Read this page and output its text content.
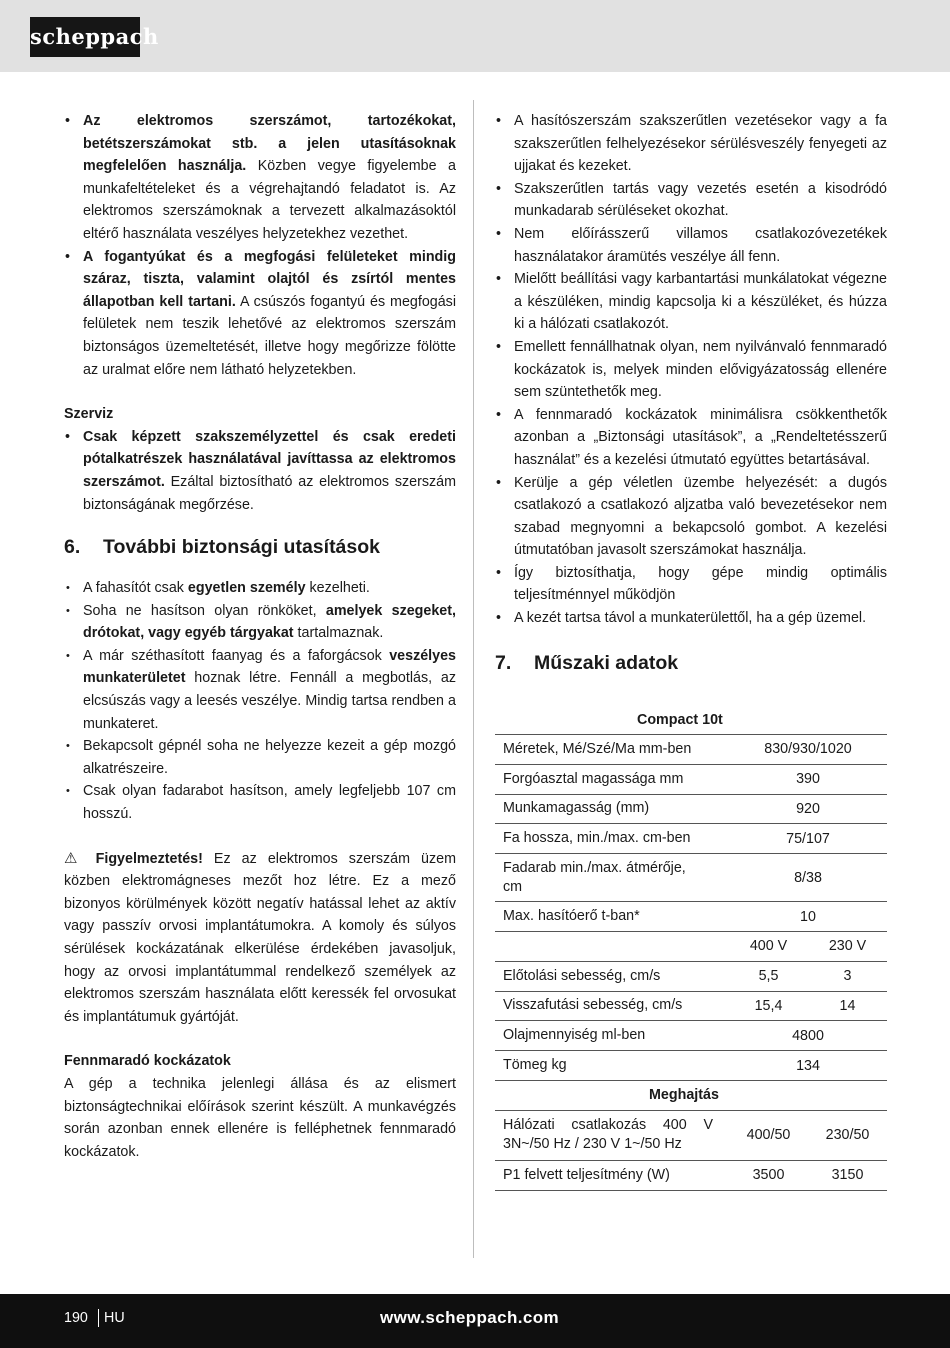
scheppach
• Az elektromos szerszámot, tartozékokat, betétszerszámokat stb. a jelen utasításoknak megfelelően használja. Közben vegye figyelembe a munkafeltételeket és a végrehajtandó feladatot is. Az elektromos szerszámoknak a tervezett alkalmazásoktól eltérő használata veszélyes helyzetekhez vezethet.
• A fogantyúkat és a megfogási felületeket mindig száraz, tiszta, valamint olajtól és zsírtól mentes állapotban kell tartani. A csúszós fogantyú és megfogási felületek nem teszik lehetővé az elektromos szerszám biztonságos üzemeltetését, illetve hogy megőrizze fölötte az uralmat előre nem látható helyzetekben.
Szerviz
• Csak képzett szakszemélyzettel és csak eredeti pótalkatrészek használatával javíttassa az elektromos szerszámot. Ezáltal biztosítható az elektromos szerszám biztonságának megőrzése.
6.	További biztonsági utasítások
• A fahasítót csak egyetlen személy kezelheti.
• Soha ne hasítson olyan rönköket, amelyek szegeket, drótokat, vagy egyéb tárgyakat tartalmaznak.
• A már széthasított faanyag és a faforgácsok veszélyes munkaterületet hoznak létre. Fennáll a megbotlás, az elcsúszás vagy a leesés veszélye. Mindig tartsa rendben a munkateret.
• Bekapcsolt gépnél soha ne helyezze kezeit a gép mozgó alkatrészeire.
• Csak olyan fadarabot hasítson, amely legfeljebb 107 cm hosszú.

⚠ Figyelmeztetés! Ez az elektromos szerszám üzem közben elektromágneses mezőt hoz létre. Ez a mező bizonyos körülmények között negatív hatással lehet az aktív vagy passzív orvosi implantátumokra. A komoly és súlyos sérülések kockázatának elkerülése érdekében javasoljuk, hogy az orvosi implantátummal rendelkező személyek az elektromos szerszám használata előtt keressék fel orvosukat és implantátumuk gyártóját.

Fennmaradó kockázatok

A gép a technika jelenlegi állása és az elismert biztonságtechnikai előírások szerint készült. A munkavégzés során azonban ennek ellenére is felléphetnek fennmaradó kockázatok.

• A hasítószerszám szakszerűtlen vezetésekor vagy a fa szakszerűtlen felhelyezésekor sérülésveszély fenyegeti az ujjakat és kezeket.
• Szakszerűtlen tartás vagy vezetés esetén a kisodródó munkadarab sérüléseket okozhat.
• Nem előírásszerű villamos csatlakozóvezetékek használatakor áramütés veszélye áll fenn.
• Mielőtt beállítási vagy karbantartási munkálatokat végezne a készüléken, mindig kapcsolja ki a készüléket, és húzza ki a hálózati csatlakozót.
• Emellett fennállhatnak olyan, nem nyilvánvaló fennmaradó kockázatok is, melyek minden elővigyázatosság ellenére sem szüntethetők meg.
• A fennmaradó kockázatok minimálisra csökkenthetők azonban a „Biztonsági utasítások”, a „Rendeltetésszerű használat” és a kezelési útmutató együttes betartásával.
• Kerülje a gép véletlen üzembe helyezését: a dugós csatlakozó a csatlakozó aljzatba való bevezetésekor nem szabad megnyomni a bekapcsoló gombot. A kezelési útmutatóban javasolt szerszámokat használja.
• Így biztosíthatja, hogy gépe mindig optimális teljesítménnyel működjön
• A kezét tartsa távol a munkaterülettől, ha a gép üzemel.
7.	Műszaki adatok

	Compact 10t	

Méretek, Mé/Szé/Ma mm-ben	830/930/1020	
Forgóasztal magassága mm	390	
Munkamagasság (mm)	920	
Fa hossza, min./max. cm-ben	75/107	
Fadarab min./max. átmérője, cm	8/38	
Max. hasítóerő t-ban*	10	
	400 V	230 V
Előtolási sebesség, cm/s	5,5	3
Visszafutási sebesség, cm/s	15,4	14
Olajmennyiség ml-ben	4800	
Tömeg kg	134	
Meghajtás		
Hálózati csatlakozás 400 V 3N~/50 Hz / 230 V 1~/50 Hz	400/50	230/50
P1 felvett teljesítmény (W)	3500	3150
190 HU	www.scheppach.com
